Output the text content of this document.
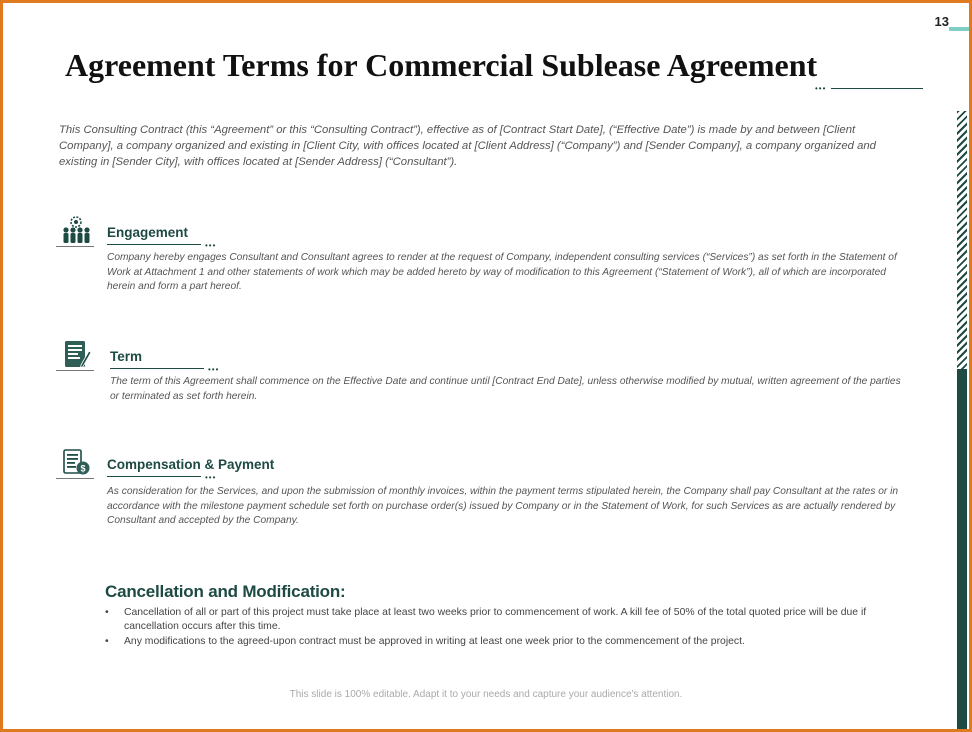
13
Agreement Terms for Commercial Sublease Agreement
•••
This Consulting Contract (this “Agreement” or this “Consulting Contract”), effective as of [Contract Start Date], (“Effective Date”) is made by and between [Client Company], a company organized and existing in [Client City, with offices located at [Client Address] (“Company”) and [Sender Company], a company organized and existing in [Sender City], with offices located at [Sender Address] (“Consultant”).
Engagement
•••
Company hereby engages Consultant and Consultant agrees to render at the request of Company, independent consulting services (“Services”) as set forth in the Statement of Work at Attachment 1 and other statements of work which may be added hereto by way of modification to this Agreement (“Statement of Work”), all of which are incorporated herein and form a part hereof.
Term
•••
The term of this Agreement shall commence on the Effective Date and continue until [Contract End Date], unless otherwise modified by mutual, written agreement of the parties or terminated as set forth herein.
$ Compensation & Payment
•••
As consideration for the Services, and upon the submission of monthly invoices, within the payment terms stipulated herein, the Company shall pay Consultant at the rates or in accordance with the milestone payment schedule set forth on purchase order(s) issued by Company or in the Statement of Work, for such Services as are actually rendered by Consultant and accepted by the Company.
Cancellation and Modification:
• Cancellation of all or part of this project must take place at least two weeks prior to commencement of work. A kill fee of 50% of the total quoted price will be due if cancellation occurs after this time.
• Any modifications to the agreed-upon contract must be approved in writing at least one week prior to the commencement of the project.
This slide is 100% editable. Adapt it to your needs and capture your audience's attention.
